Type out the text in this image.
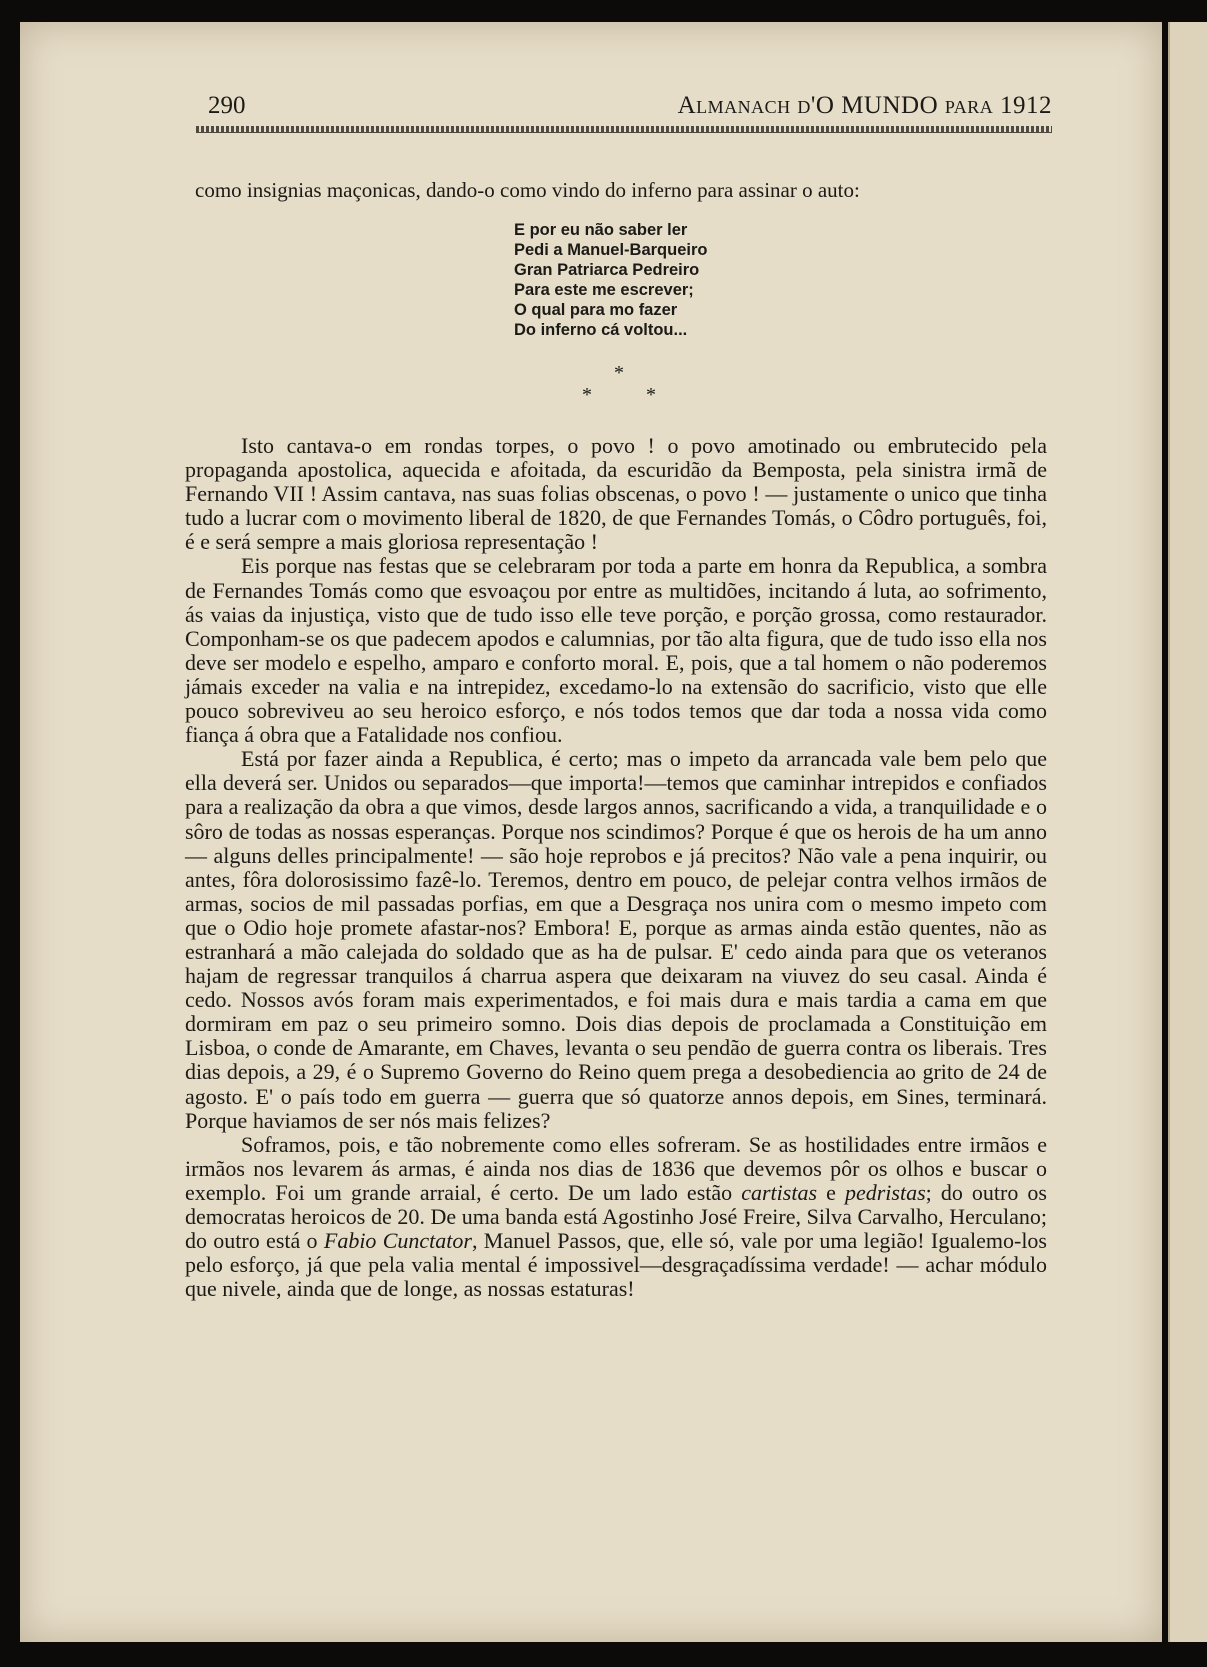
290	Almanach d'O MUNDO para 1912
como insignias maçonicas, dando-o como vindo do inferno para assinar o auto:
E por eu não saber ler
Pedi a Manuel-Barqueiro
Gran Patriarca Pedreiro
Para este me escrever;
O qual para mo fazer
Do inferno cá voltou...
*
*	*

Isto cantava-o em rondas torpes, o povo ! o povo amotinado ou embrutecido pela propaganda apostolica, aquecida e afoitada, da escuridão da Bemposta, pela sinistra irmã de Fernando VII ! Assim cantava, nas suas folias obscenas, o povo ! — justamente o unico que tinha tudo a lucrar com o movimento liberal de 1820, de que Fernandes Tomás, o Côdro português, foi, é e será sempre a mais gloriosa representação !

Eis porque nas festas que se celebraram por toda a parte em honra da Republica, a sombra de Fernandes Tomás como que esvoaçou por entre as multidões, incitando á luta, ao sofrimento, ás vaias da injustiça, visto que de tudo isso elle teve porção, e porção grossa, como restaurador. Componham-se os que padecem apodos e calumnias, por tão alta figura, que de tudo isso ella nos deve ser modelo e espelho, amparo e conforto moral. E, pois, que a tal homem o não poderemos jámais exceder na valia e na intrepidez, excedamo-lo na extensão do sacrificio, visto que elle pouco sobreviveu ao seu heroico esforço, e nós todos temos que dar toda a nossa vida como fiança á obra que a Fatalidade nos confiou.

Está por fazer ainda a Republica, é certo; mas o impeto da arrancada vale bem pelo que ella deverá ser. Unidos ou separados—que importa!—temos que caminhar intrepidos e confiados para a realização da obra a que vimos, desde largos annos, sacrificando a vida, a tranquilidade e o sôro de todas as nossas esperanças. Porque nos scindimos? Porque é que os herois de ha um anno — alguns delles principalmente! — são hoje reprobos e já precitos? Não vale a pena inquirir, ou antes, fôra dolorosissimo fazê-lo. Teremos, dentro em pouco, de pelejar contra velhos irmãos de armas, socios de mil passadas porfias, em que a Desgraça nos unira com o mesmo impeto com que o Odio hoje promete afastar-nos? Embora! E, porque as armas ainda estão quentes, não as estranhará a mão calejada do soldado que as ha de pulsar. E' cedo ainda para que os veteranos hajam de regressar tranquilos á charrua aspera que deixaram na viuvez do seu casal. Ainda é cedo. Nossos avós foram mais experimentados, e foi mais dura e mais tardia a cama em que dormiram em paz o seu primeiro somno. Dois dias depois de proclamada a Constituição em Lisboa, o conde de Amarante, em Chaves, levanta o seu pendão de guerra contra os liberais. Tres dias depois, a 29, é o Supremo Governo do Reino quem prega a desobediencia ao grito de 24 de agosto. E' o país todo em guerra — guerra que só quatorze annos depois, em Sines, terminará. Porque haviamos de ser nós mais felizes?

Soframos, pois, e tão nobremente como elles sofreram. Se as hostilidades entre irmãos e irmãos nos levarem ás armas, é ainda nos dias de 1836 que devemos pôr os olhos e buscar o exemplo. Foi um grande arraial, é certo. De um lado estão cartistas e pedristas; do outro os democratas heroicos de 20. De uma banda está Agostinho José Freire, Silva Carvalho, Herculano; do outro está o Fabio Cunctator, Manuel Passos, que, elle só, vale por uma legião! Igualemo-los pelo esforço, já que pela valia mental é impossivel—desgraçadíssima verdade! — achar módulo que nivele, ainda que de longe, as nossas estaturas!
